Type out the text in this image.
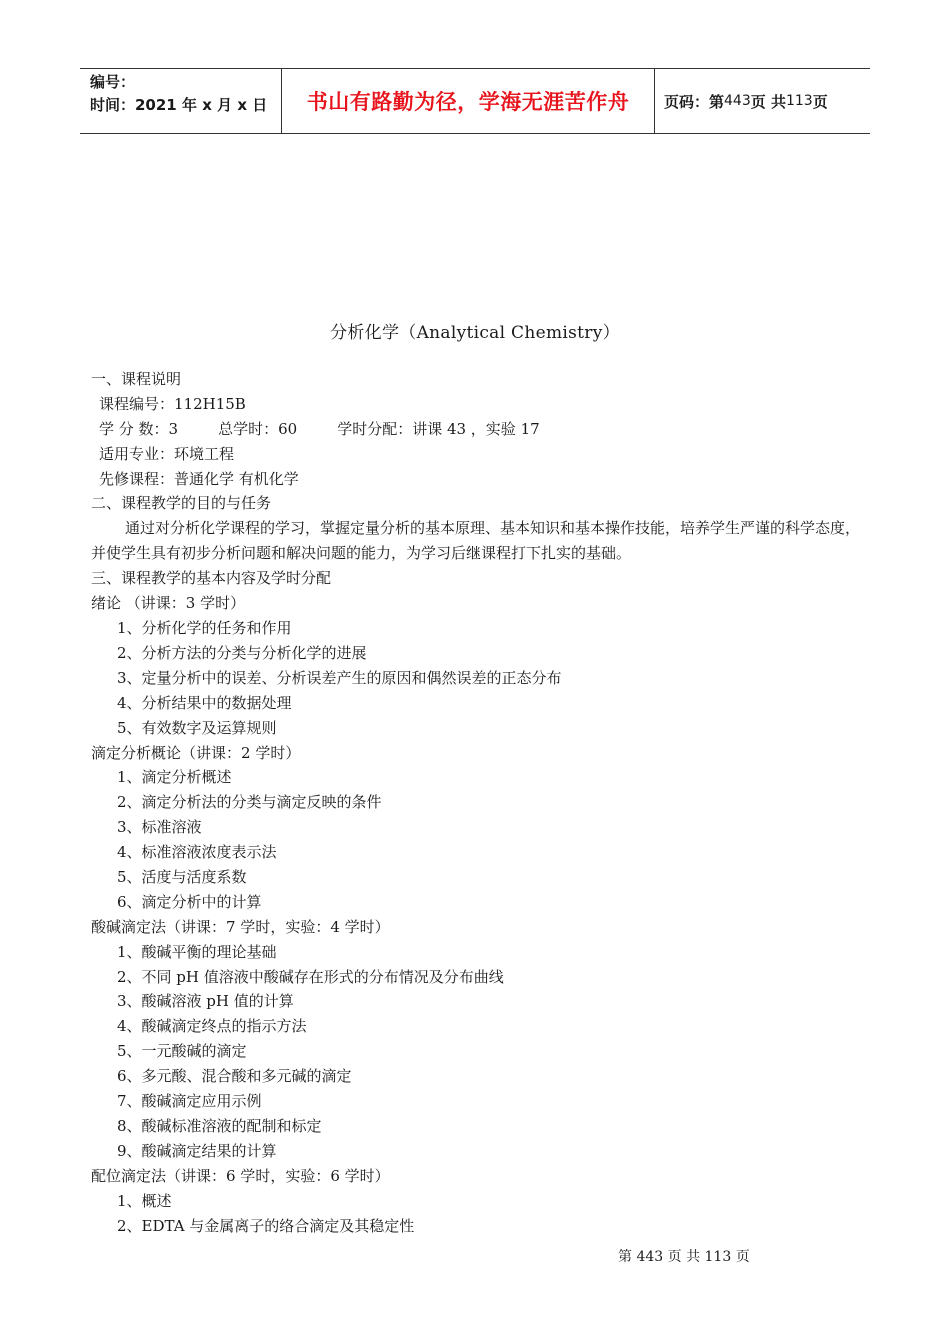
编号：
时间：2021 年 x 月 x 日	书山有路勤为径，学海无涯苦作舟	页码：第 443 页 共 113 页
分析化学（Analytical Chemistry）
一、课程说明
课程编号：112H15B
学 分 数：3	总学时：60	学时分配：讲课 43 ，实验 17
适用专业：环境工程
先修课程：普通化学 有机化学
二、课程教学的目的与任务
通过对分析化学课程的学习，掌握定量分析的基本原理、基本知识和基本操作技能，培养学生严谨的科学态度，并使学生具有初步分析问题和解决问题的能力，为学习后继课程打下扎实的基础。
三、课程教学的基本内容及学时分配
绪论 （讲课：3 学时）
1、分析化学的任务和作用
2、分析方法的分类与分析化学的进展
3、定量分析中的误差、分析误差产生的原因和偶然误差的正态分布
4、分析结果中的数据处理
5、有效数字及运算规则
滴定分析概论（讲课：2 学时）
1、滴定分析概述
2、滴定分析法的分类与滴定反映的条件
3、标准溶液
4、标准溶液浓度表示法
5、活度与活度系数
6、滴定分析中的计算
酸碱滴定法（讲课：7 学时，实验：4 学时）
1、酸碱平衡的理论基础
2、不同 pH 值溶液中酸碱存在形式的分布情况及分布曲线
3、酸碱溶液 pH 值的计算
4、酸碱滴定终点的指示方法
5、一元酸碱的滴定
6、多元酸、混合酸和多元碱的滴定
7、酸碱滴定应用示例
8、酸碱标准溶液的配制和标定
9、酸碱滴定结果的计算
配位滴定法（讲课：6 学时，实验：6 学时）
1、概述
2、EDTA 与金属离子的络合滴定及其稳定性
第 443 页 共 113 页
